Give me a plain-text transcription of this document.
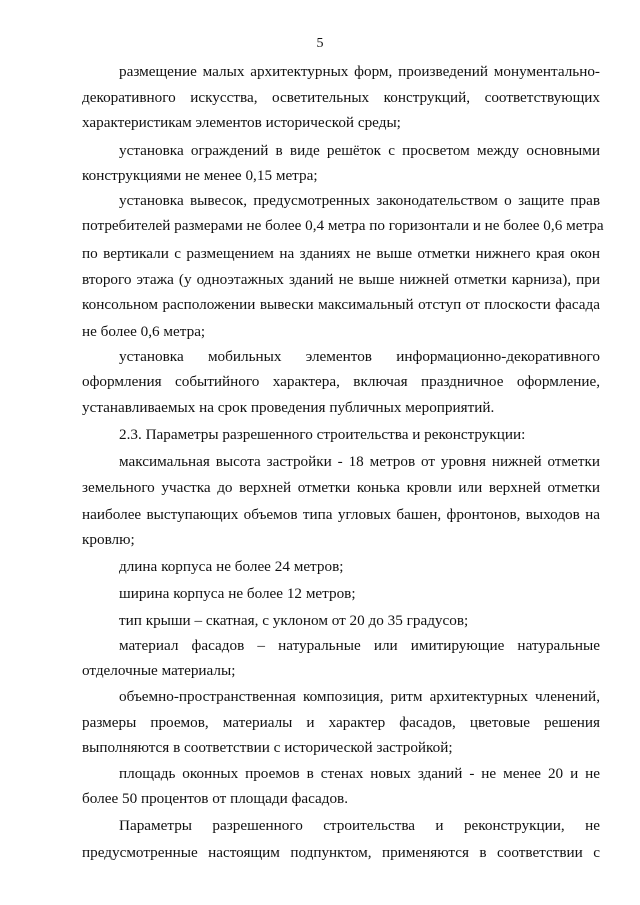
5
размещение малых архитектурных форм, произведений монументально-
декоративного искусства, осветительных конструкций, соответствующих
характеристикам элементов исторической среды;
установка ограждений в виде решёток с просветом между основными
конструкциями не менее 0,15 метра;
установка вывесок, предусмотренных законодательством о защите прав
потребителей размерами не более 0,4 метра по горизонтали и не более 0,6 метра
по вертикали с размещением на зданиях не выше отметки нижнего края окон
второго этажа (у одноэтажных зданий не выше нижней отметки карниза), при
консольном расположении вывески максимальный отступ от плоскости фасада
не более 0,6 метра;
установка мобильных элементов информационно-декоративного
оформления событийного характера, включая праздничное оформление,
устанавливаемых на срок проведения публичных мероприятий.
2.3. Параметры разрешенного строительства и реконструкции:
максимальная высота застройки - 18 метров от уровня нижней отметки
земельного участка до верхней отметки конька кровли или верхней отметки
наиболее выступающих объемов типа угловых башен, фронтонов, выходов на
кровлю;
длина корпуса не более 24 метров;
ширина корпуса не более 12 метров;
тип крыши – скатная, с уклоном от 20 до 35 градусов;
материал фасадов – натуральные или имитирующие натуральные
отделочные материалы;
объемно-пространственная композиция, ритм архитектурных членений,
размеры проемов, материалы и характер фасадов, цветовые решения
выполняются в соответствии с исторической застройкой;
площадь оконных проемов в стенах новых зданий - не менее 20 и не
более 50 процентов от площади фасадов.
Параметры разрешенного строительства и реконструкции, не
предусмотренные настоящим подпунктом, применяются в соответствии с
